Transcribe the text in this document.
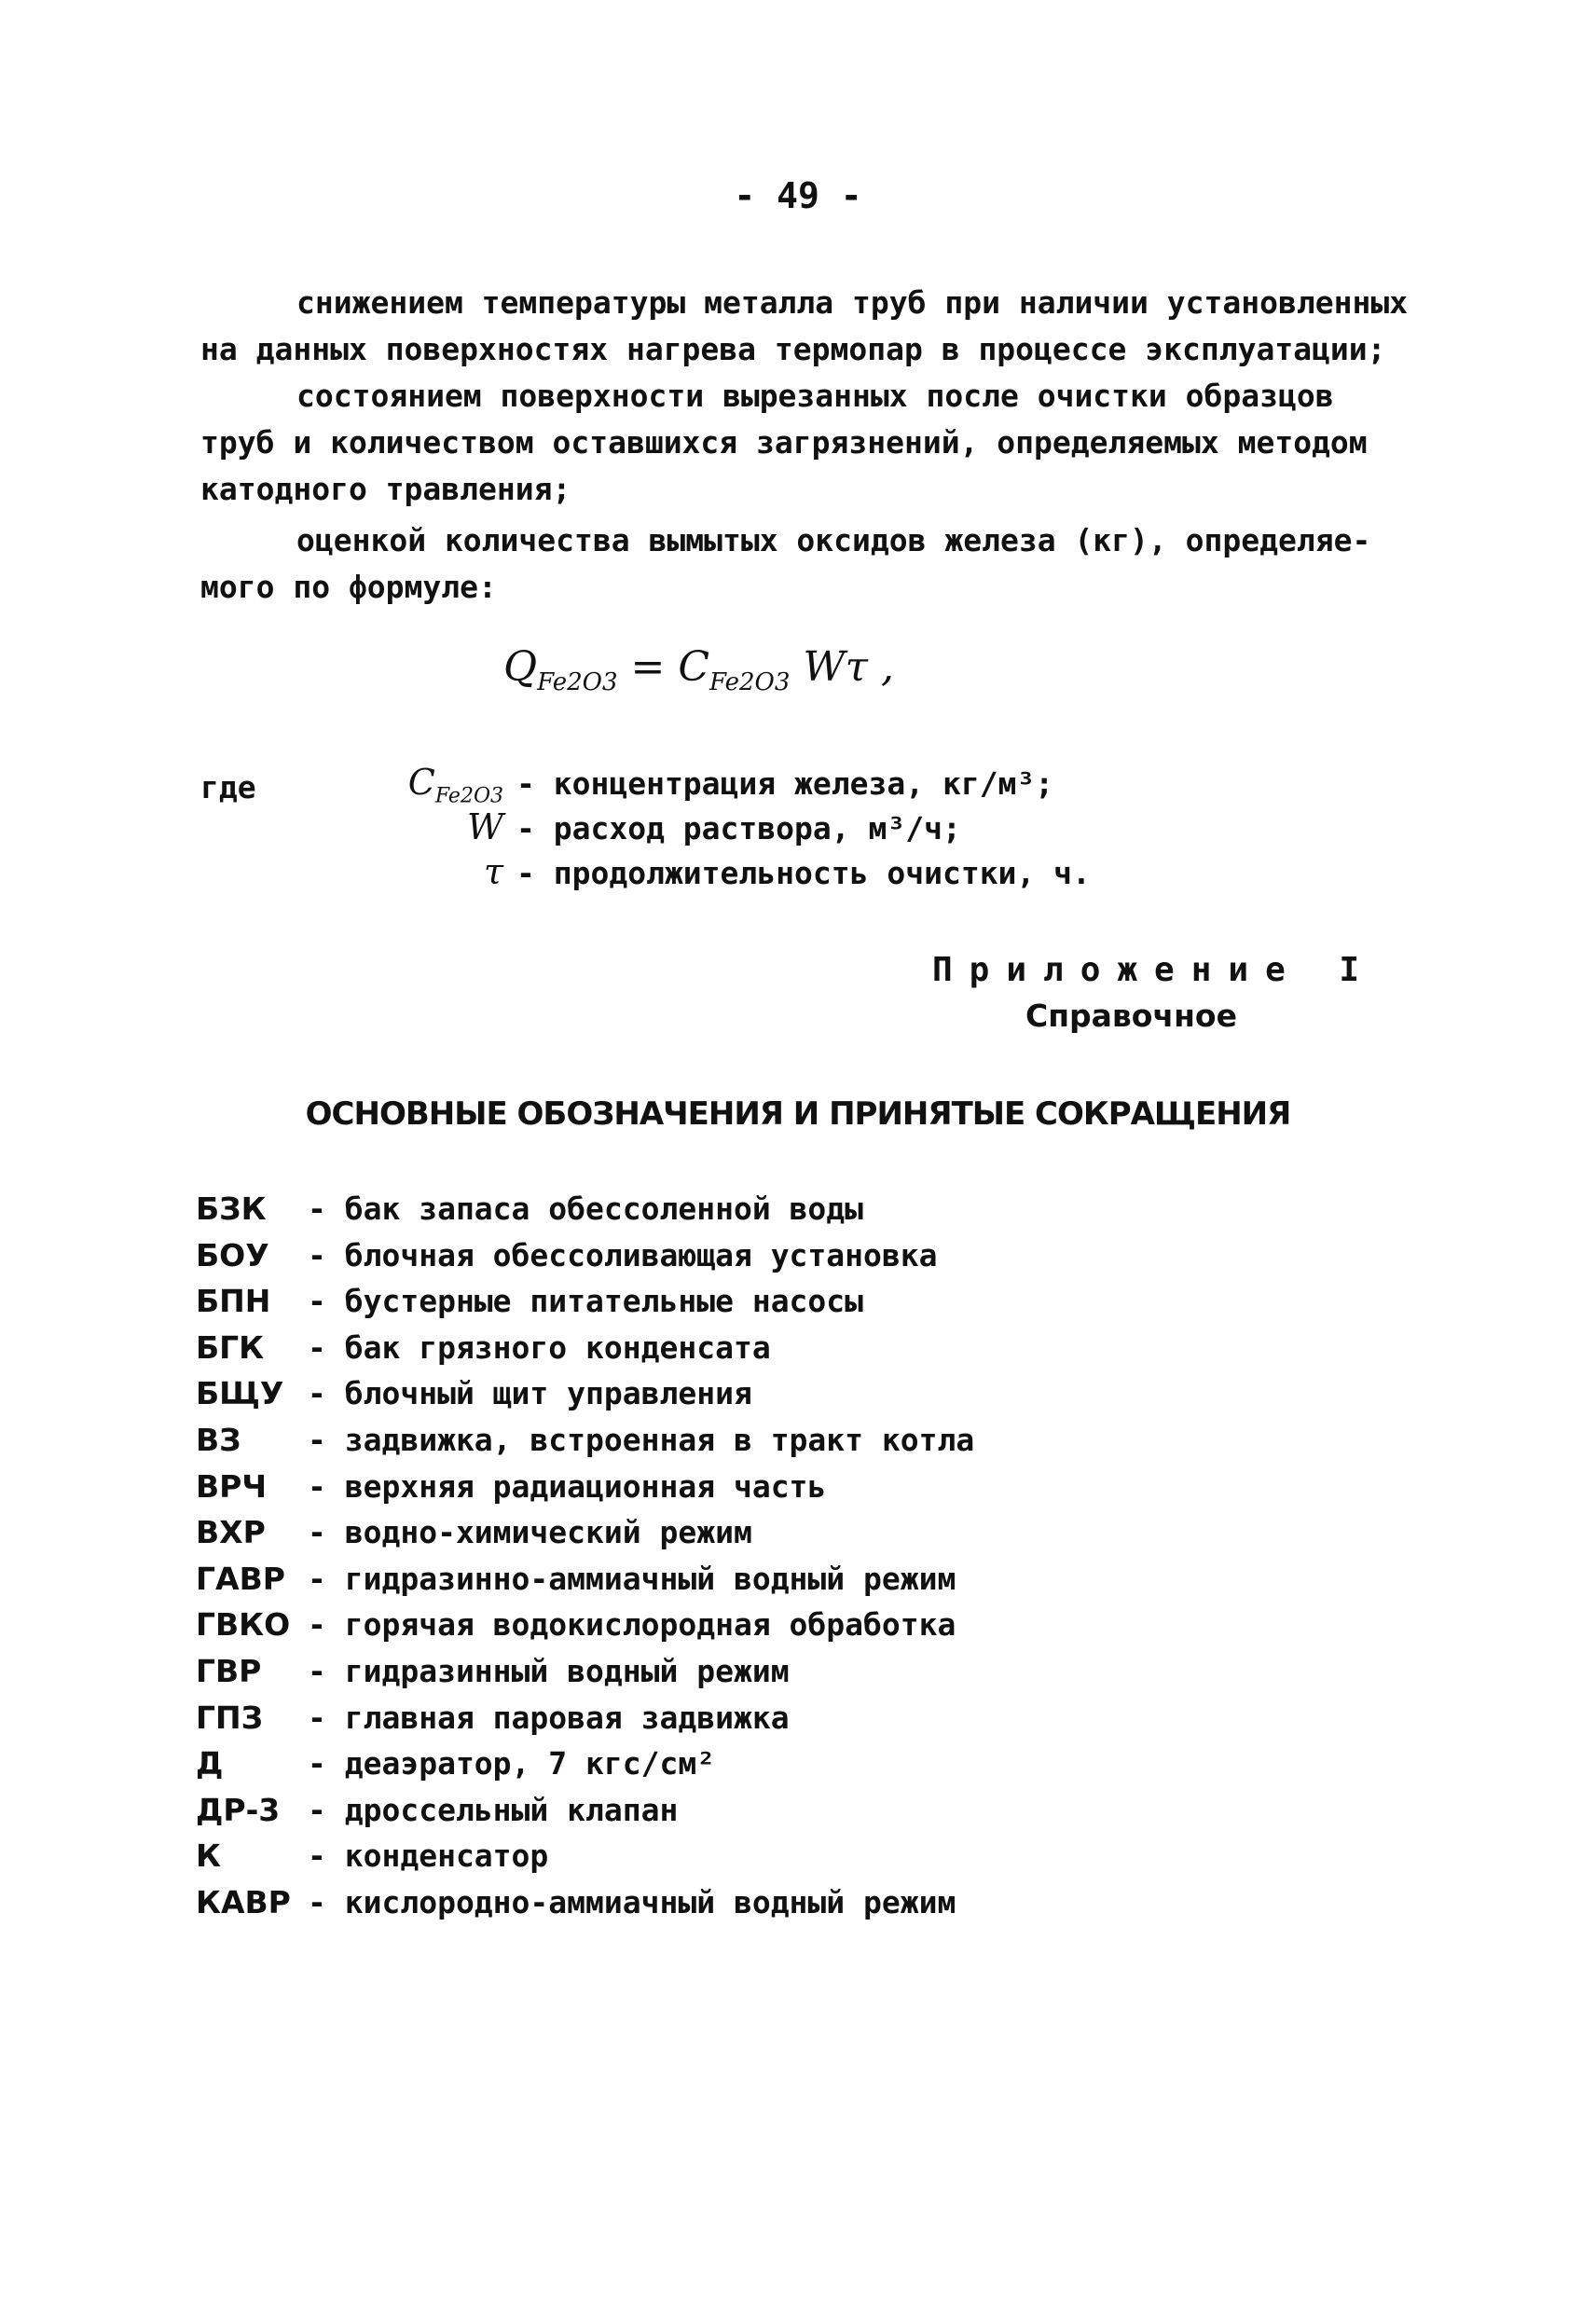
- 49 -
снижением температуры металла труб при наличии установленных
на данных поверхностях нагрева термопар в процессе эксплуатации;
состоянием поверхности вырезанных после очистки образцов
труб и количеством оставшихся загрязнений, определяемых методом
катодного травления;
оценкой количества вымытых оксидов железа (кг), определяе-
мого по формуле:
$Q_{Fe2O3} = C_{Fe2O3}$ Wτ ,
где	$C_{Fe2O3}$ - концентрация железа, кг/м³;
W - расход раствора, м³/ч;
τ - продолжительность очистки, ч.
Приложение I
Справочное
ОСНОВНЫЕ ОБОЗНАЧЕНИЯ И ПРИНЯТЫЕ СОКРАЩЕНИЯ
БЗК - бак запаса обессоленной воды
БОУ - блочная обессоливающая установка
БПН - бустерные питательные насосы
БГК - бак грязного конденсата
БЩУ - блочный щит управления
ВЗ - задвижка, встроенная в тракт котла
ВРЧ - верхняя радиационная часть
ВХР - водно-химический режим
ГАВР - гидразинно-аммиачный водный режим
ГВКО - горячая водокислородная обработка
ГВР - гидразинный водный режим
ГПЗ - главная паровая задвижка
Д	- деаэратор, 7 кгс/см²
ДР-3 - дроссельный клапан
К	- конденсатор
КАВР - кислородно-аммиачный водный режим
